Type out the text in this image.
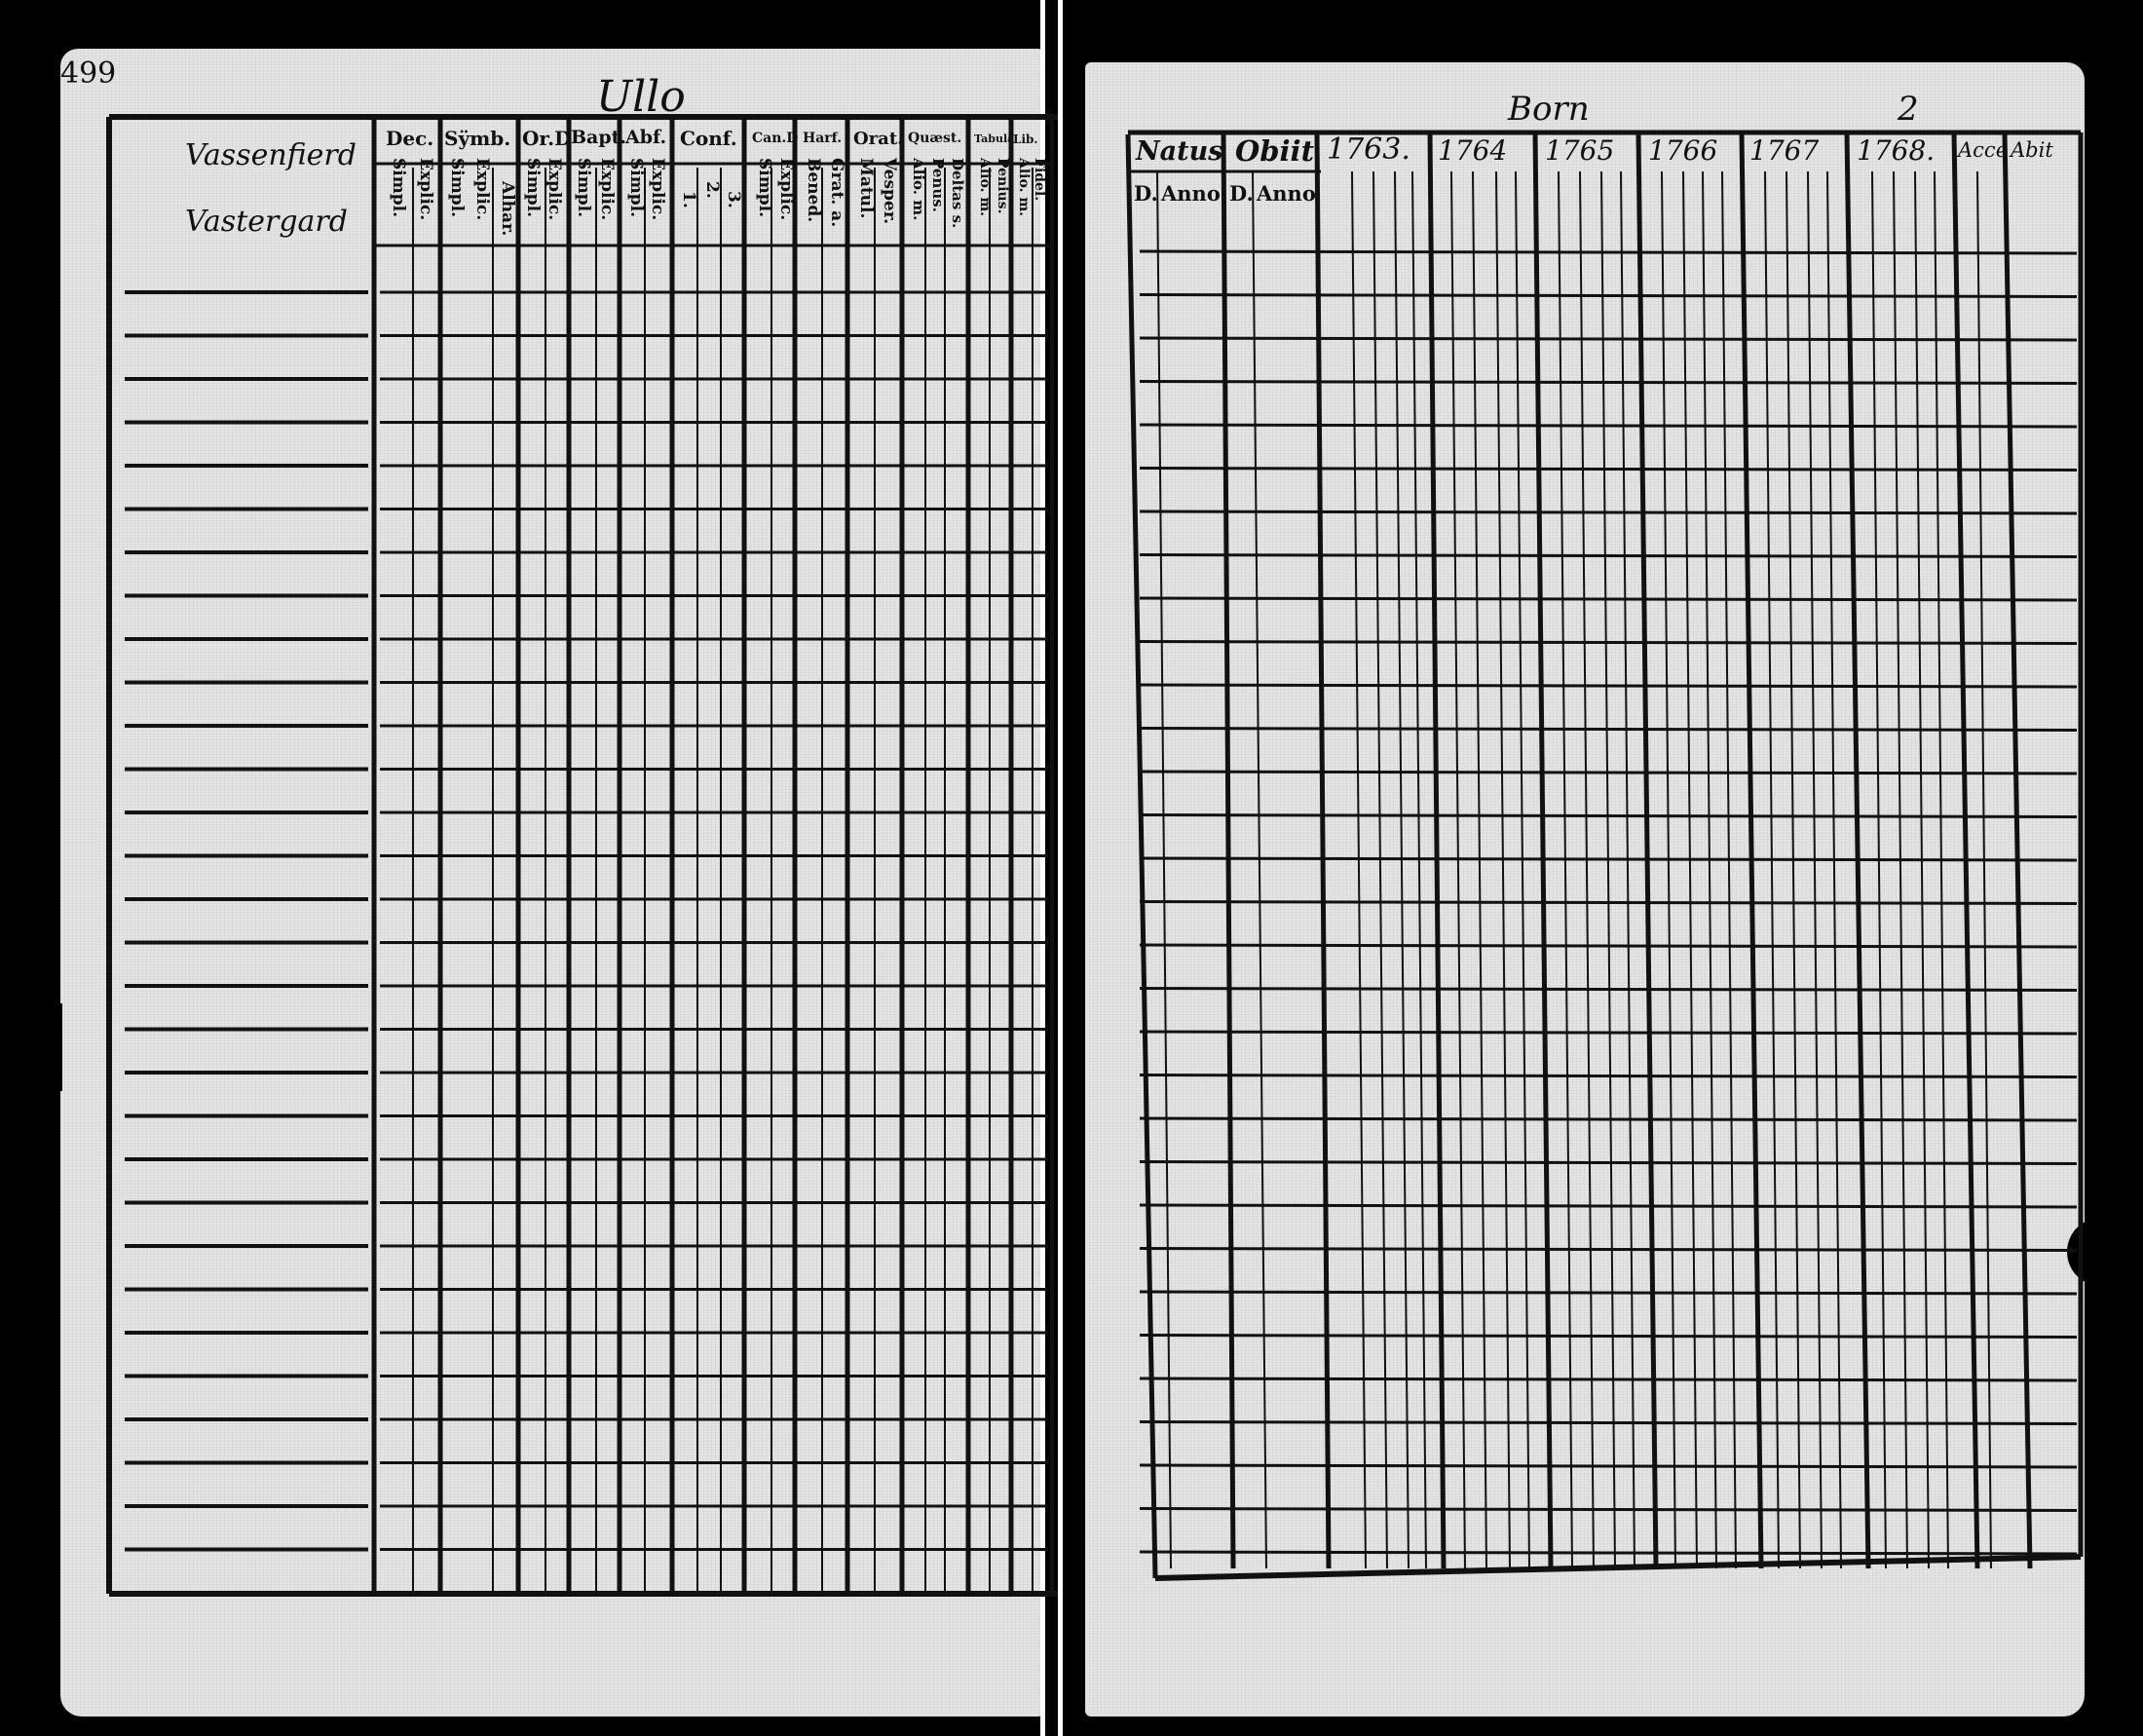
499	Ullo
Vassenfierd
Vastergard
Dec. Sÿmb. Or.D Bapt.
Abf. Conf. Can.D Harf. Orat. Quæst. Tabula
Lib.
Simpl. Explic. Simpl. Explic. Alhar. Simpl. Explic. Simpl. Explic. Simpl. Explic. 1.
2.
3. Simpl. Explic. Bened. Grat. a. Matul. Vesper. Alio. m. Penus. Deltas s. Alio. m. Penius. Alio. m. Fidel.
Born	2
Natus Obiit 1763. 1764 1765 1766 1767 1768. Acce Abit
D. Anno D. Anno
